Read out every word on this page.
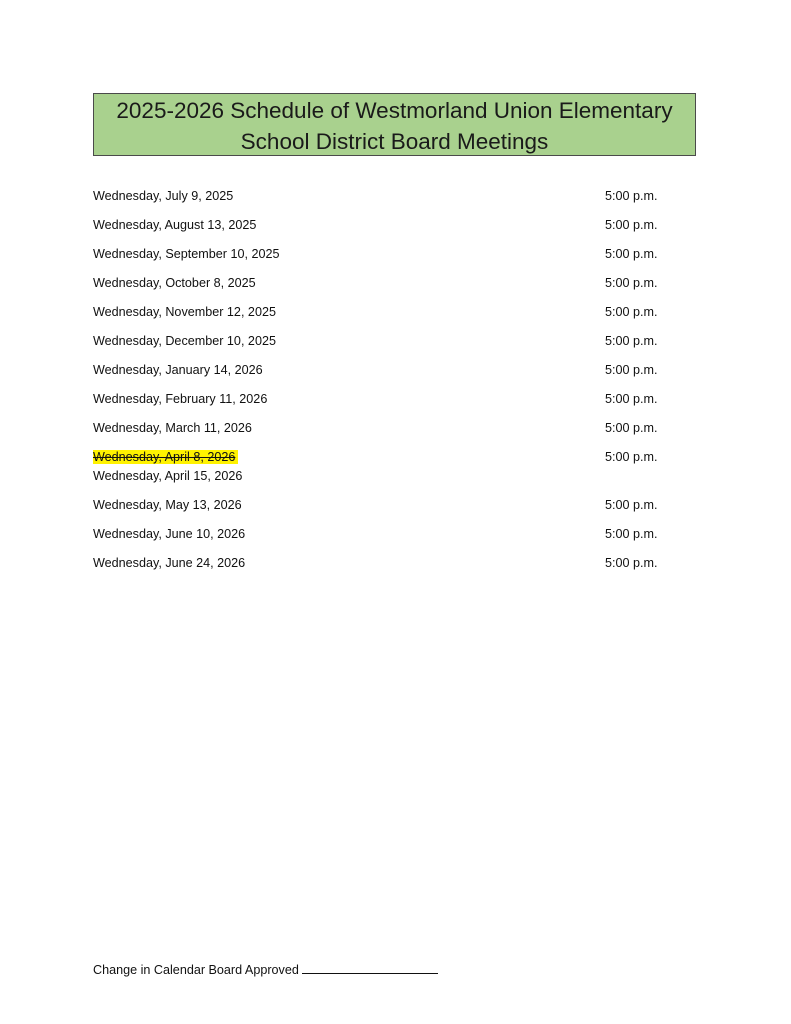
2025-2026 Schedule of Westmorland Union Elementary
School District Board Meetings
Wednesday, July 9, 2025	5:00 p.m.
Wednesday, August 13, 2025	5:00 p.m.
Wednesday, September 10, 2025	5:00 p.m.
Wednesday, October 8, 2025	5:00 p.m.
Wednesday, November 12, 2025	5:00 p.m.
Wednesday, December 10, 2025	5:00 p.m.
Wednesday, January 14, 2026	5:00 p.m.
Wednesday, February 11, 2026	5:00 p.m.
Wednesday, March 11, 2026	5:00 p.m.
Wednesday, April 8, 2026	5:00 p.m.
Wednesday, April 15, 2026
Wednesday, May 13, 2026	5:00 p.m.
Wednesday, June 10, 2026	5:00 p.m.
Wednesday, June 24, 2026	5:00 p.m.
Change in Calendar Board Approved
